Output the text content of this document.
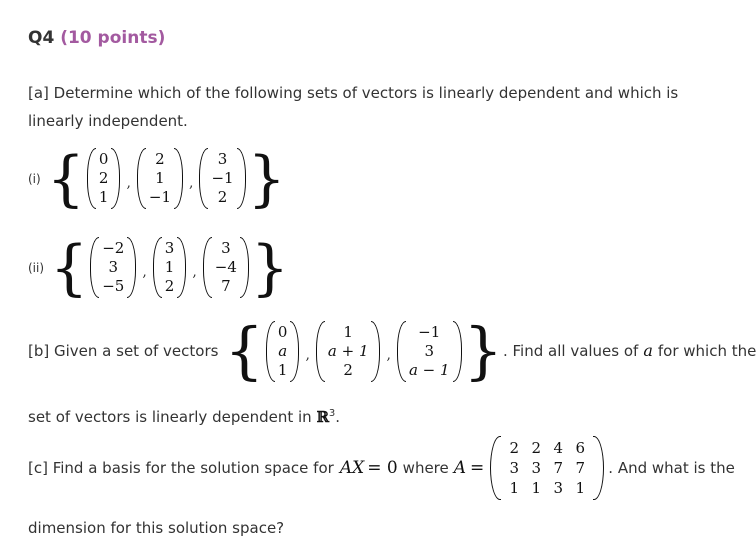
Q4 (10 points)
[a] Determine which of the following sets of vectors is linearly dependent and which is linearly independent.
(i) { 0
2
1
,
2
1
−1
,
3
−1
2 }
(ii) { −2
3
−5
,
3
1
2
,
3
−4
7 }
[b] Given a set of vectors { 0
a
1
,
1
a + 1
2
,
−1
3
a − 1 } . Find all values of a for which the
set of vectors is linearly dependent in ℝ$^3$.
[c] Find a basis for the solution space for AX = 0 where A =
2 2 4 6
3 3 7 7
1 1 3 1
. And what is the
dimension for this solution space?
